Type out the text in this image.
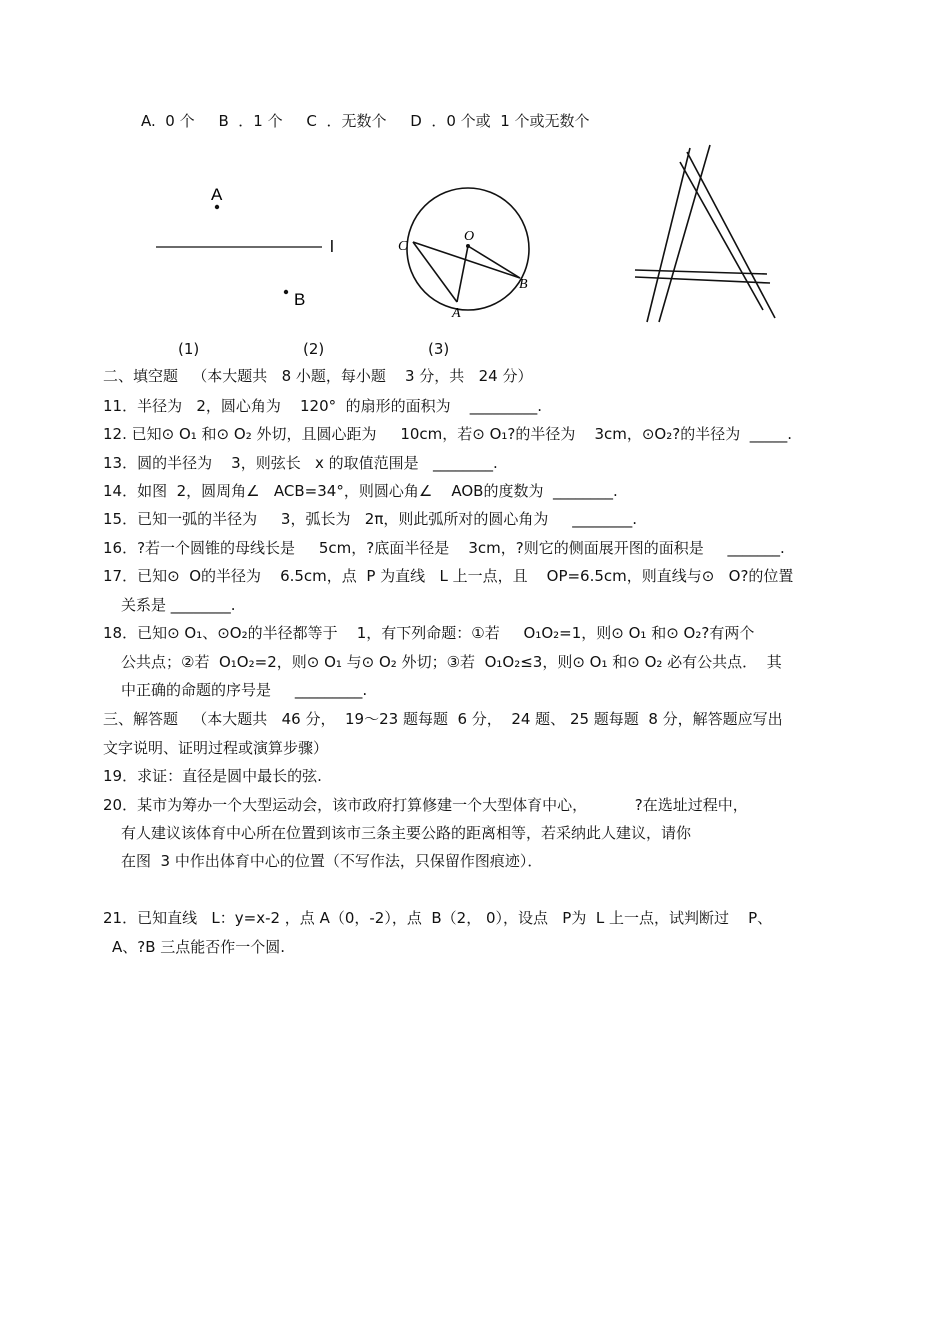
A.  0 个     B  ．1 个     C  ．无数个     D  ．0 个或  1 个或无数个
A
l
B
O
C
B
A
(1)	(2)	(3)
二、填空题   （本大题共   8 小题，每小题    3 分，共   24 分）
11．半径为   2，圆心角为    120°  的扇形的面积为    _________.
12. 已知⊙ O₁ 和⊙ O₂ 外切，且圆心距为     10cm，若⊙ O₁?的半径为    3cm，⊙O₂?的半径为  _____.
13．圆的半径为    3，则弦长   x 的取值范围是   ________.
14．如图  2，圆周角∠   ACB=34°，则圆心角∠    AOB的度数为  ________.
15．已知一弧的半径为     3，弧长为   2π，则此弧所对的圆心角为     ________.
16．?若一个圆锥的母线长是     5cm，?底面半径是    3cm，?则它的侧面展开图的面积是     _______.
17．已知⊙  O的半径为    6.5cm，点  P 为直线   L 上一点，且    OP=6.5cm，则直线与⊙   O?的位置
关系是 ________.
18．已知⊙ O₁、⊙O₂的半径都等于    1，有下列命题：①若     O₁O₂=1，则⊙ O₁ 和⊙ O₂?有两个
公共点；②若  O₁O₂=2，则⊙ O₁ 与⊙ O₂ 外切；③若  O₁O₂≤3，则⊙ O₁ 和⊙ O₂ 必有公共点．  其
中正确的命题的序号是     _________.
三、解答题   （本大题共   46 分，  19～23 题每题  6 分，  24 题、 25 题每题  8 分，解答题应写出
文字说明、证明过程或演算步骤）
19．求证：直径是圆中最长的弦.
20．某市为筹办一个大型运动会，该市政府打算修建一个大型体育中心，          ?在选址过程中，
有人建议该体育中心所在位置到该市三条主要公路的距离相等，若采纳此人建议，请你
在图  3 中作出体育中心的位置（不写作法，只保留作图痕迹）．
21．已知直线   L：y=x-2 ，点 A（0，-2），点  B（2， 0），设点   P为  L 上一点，试判断过    P、
A、?B 三点能否作一个圆.
